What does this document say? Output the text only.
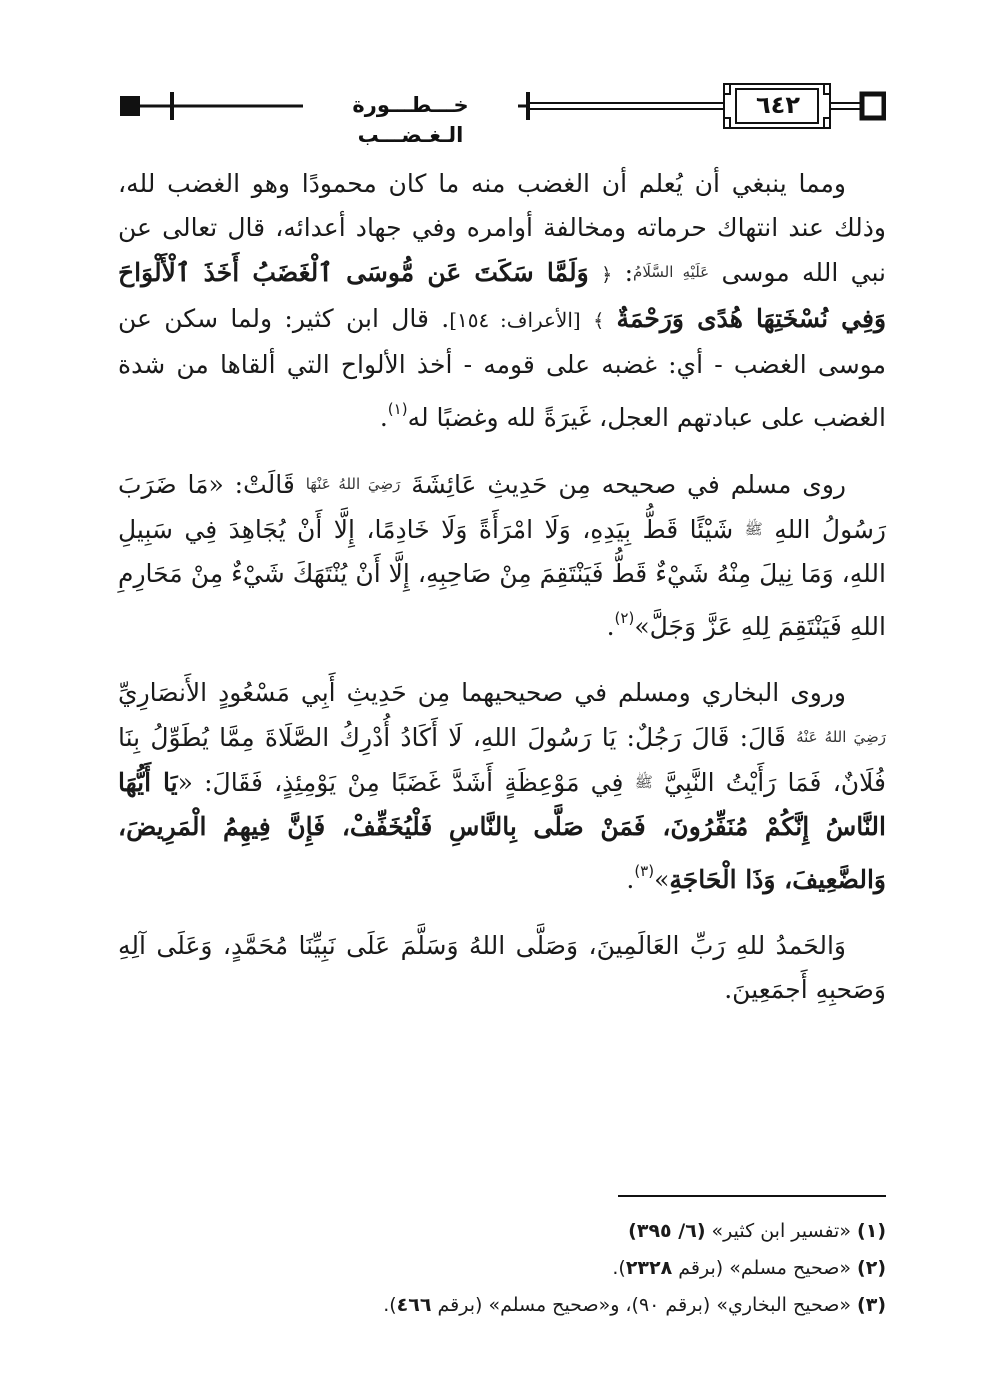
خـــطـــورة الـغـضـــب
٦٤٢

ومما ينبغي أن يُعلم أن الغضب منه ما كان محمودًا وهو الغضب لله، وذلك عند انتهاك حرماته ومخالفة أوامره وفي جهاد أعدائه، قال تعالى عن نبي الله موسى عَلَيْهِ السَّلَامُ: ﴿ وَلَمَّا سَكَتَ عَن مُّوسَى ٱلْغَضَبُ أَخَذَ ٱلْأَلْوَاحَ وَفِي نُسْخَتِهَا هُدًى وَرَحْمَةٌ ﴾ [الأعراف: ١٥٤]. قال ابن كثير: ولما سكن عن موسى الغضب - أي: غضبه على قومه - أخذ الألواح التي ألقاها من شدة الغضب على عبادتهم العجل، غَيرَةً لله وغضبًا له$^{(١)}$.

روى مسلم في صحيحه مِن حَدِيثِ عَائِشَةَ رَضِيَ اللهُ عَنْهَا قَالَتْ: «مَا ضَرَبَ رَسُولُ اللهِ ﷺ شَيْئًا قَطُّ بِيَدِهِ، وَلَا امْرَأَةً وَلَا خَادِمًا، إِلَّا أَنْ يُجَاهِدَ فِي سَبِيلِ اللهِ، وَمَا نِيلَ مِنْهُ شَيْءٌ قَطُّ فَيَنْتَقِمَ مِنْ صَاحِبِهِ، إِلَّا أَنْ يُنْتَهَكَ شَيْءٌ مِنْ مَحَارِمِ اللهِ فَيَنْتَقِمَ لِلهِ عَزَّ وَجَلَّ»$^{(٢)}$.

وروى البخاري ومسلم في صحيحيهما مِن حَدِيثِ أَبِي مَسْعُودٍ الأَنصَارِيِّ رَضِيَ اللهُ عَنْهُ قَالَ: قَالَ رَجُلٌ: يَا رَسُولَ اللهِ، لَا أَكَادُ أُدْرِكُ الصَّلَاةَ مِمَّا يُطَوِّلُ بِنَا فُلَانٌ، فَمَا رَأَيْتُ النَّبِيَّ ﷺ فِي مَوْعِظَةٍ أَشَدَّ غَضَبًا مِنْ يَوْمِئِذٍ، فَقَالَ: «يَا أَيُّهَا النَّاسُ إِنَّكُمْ مُنَفِّرُونَ، فَمَنْ صَلَّى بِالنَّاسِ فَلْيُخَفِّفْ، فَإِنَّ فِيهِمُ الْمَرِيضَ، وَالضَّعِيفَ، وَذَا الْحَاجَةِ»$^{(٣)}$.

وَالحَمدُ للهِ رَبِّ العَالَمِينَ، وَصَلَّى اللهُ وَسَلَّمَ عَلَى نَبِيِّنَا مُحَمَّدٍ، وَعَلَى آلِهِ وَصَحبِهِ أَجمَعِينَ.

(١) «تفسير ابن كثير» (٦/ ٣٩٥)
(٢) «صحيح مسلم» (برقم ٢٣٢٨).
(٣) «صحيح البخاري» (برقم ٩٠)، و«صحيح مسلم» (برقم ٤٦٦).
